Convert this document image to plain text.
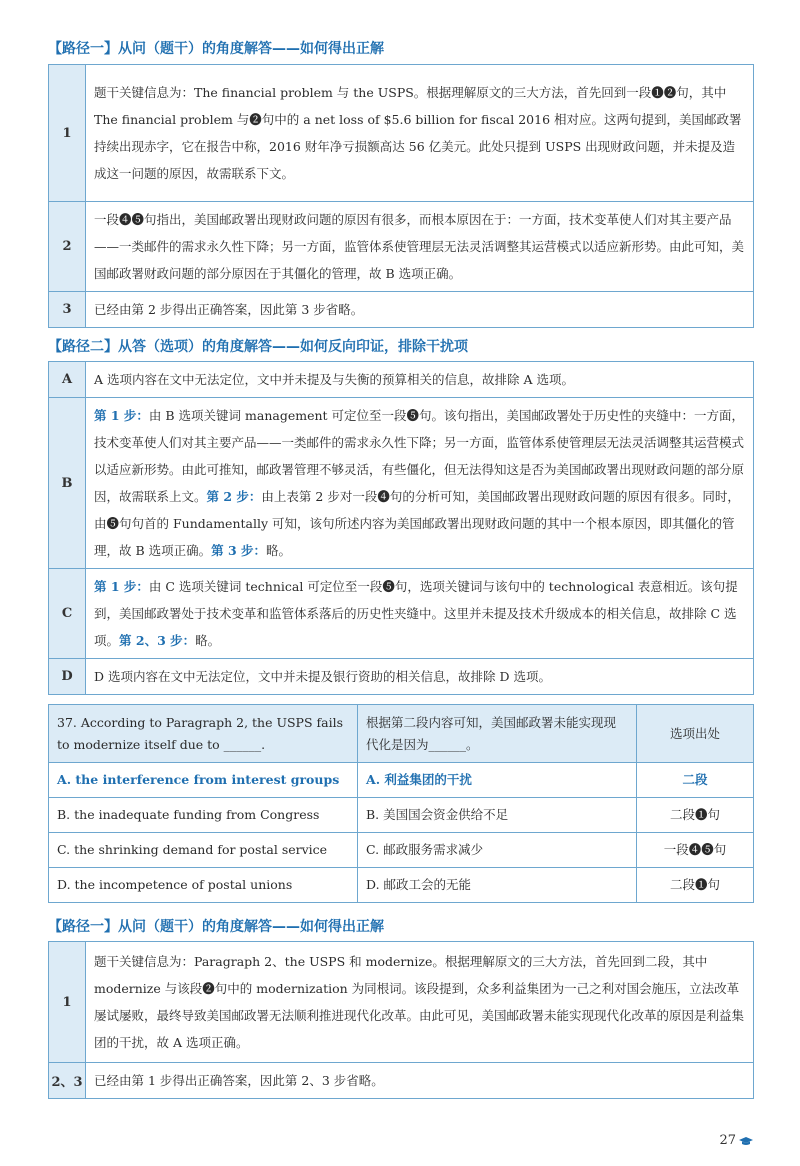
【路径一】从问（题干）的角度解答——如何得出正解
1	题干关键信息为：The financial problem 与 the USPS。根据理解原文的三大方法，首先回到一段❶❷句，其中 The financial problem 与❷句中的 a net loss of $5.6 billion for fiscal 2016 相对应。这两句提到，美国邮政署持续出现赤字，它在报告中称，2016 财年净亏损额高达 56 亿美元。此处只提到 USPS 出现财政问题，并未提及造成这一问题的原因，故需联系下文。
2	一段❹❺句指出，美国邮政署出现财政问题的原因有很多，而根本原因在于：一方面，技术变革使人们对其主要产品——一类邮件的需求永久性下降；另一方面，监管体系使管理层无法灵活调整其运营模式以适应新形势。由此可知，美国邮政署财政问题的部分原因在于其僵化的管理，故 B 选项正确。
3	已经由第 2 步得出正确答案，因此第 3 步省略。
【路径二】从答（选项）的角度解答——如何反向印证，排除干扰项
A	A 选项内容在文中无法定位，文中并未提及与失衡的预算相关的信息，故排除 A 选项。
B	第 1 步：由 B 选项关键词 management 可定位至一段❺句。该句指出，美国邮政署处于历史性的夹缝中：一方面，技术变革使人们对其主要产品——一类邮件的需求永久性下降；另一方面，监管体系使管理层无法灵活调整其运营模式以适应新形势。由此可推知，邮政署管理不够灵活，有些僵化，但无法得知这是否为美国邮政署出现财政问题的部分原因，故需联系上文。第 2 步：由上表第 2 步对一段❹句的分析可知，美国邮政署出现财政问题的原因有很多。同时，由❺句句首的 Fundamentally 可知，该句所述内容为美国邮政署出现财政问题的其中一个根本原因，即其僵化的管理，故 B 选项正确。第 3 步：略。
C	第 1 步：由 C 选项关键词 technical 可定位至一段❺句，选项关键词与该句中的 technological 表意相近。该句提到，美国邮政署处于技术变革和监管体系落后的历史性夹缝中。这里并未提及技术升级成本的相关信息，故排除 C 选项。第 2、3 步：略。
D	D 选项内容在文中无法定位，文中并未提及银行资助的相关信息，故排除 D 选项。
37. According to Paragraph 2, the USPS fails to modernize itself due to ______.	根据第二段内容可知，美国邮政署未能实现现代化是因为______。	选项出处
A. the interference from interest groups	A. 利益集团的干扰	二段
B. the inadequate funding from Congress	B. 美国国会资金供给不足	二段❶句
C. the shrinking demand for postal service	C. 邮政服务需求减少	一段❹❺句
D. the incompetence of postal unions	D. 邮政工会的无能	二段❶句
【路径一】从问（题干）的角度解答——如何得出正解
1	题干关键信息为：Paragraph 2、the USPS 和 modernize。根据理解原文的三大方法，首先回到二段，其中 modernize 与该段❷句中的 modernization 为同根词。该段提到，众多利益集团为一己之利对国会施压，立法改革屡试屡败，最终导致美国邮政署无法顺利推进现代化改革。由此可见，美国邮政署未能实现现代化改革的原因是利益集团的干扰，故 A 选项正确。
2、3	已经由第 1 步得出正确答案，因此第 2、3 步省略。
27
